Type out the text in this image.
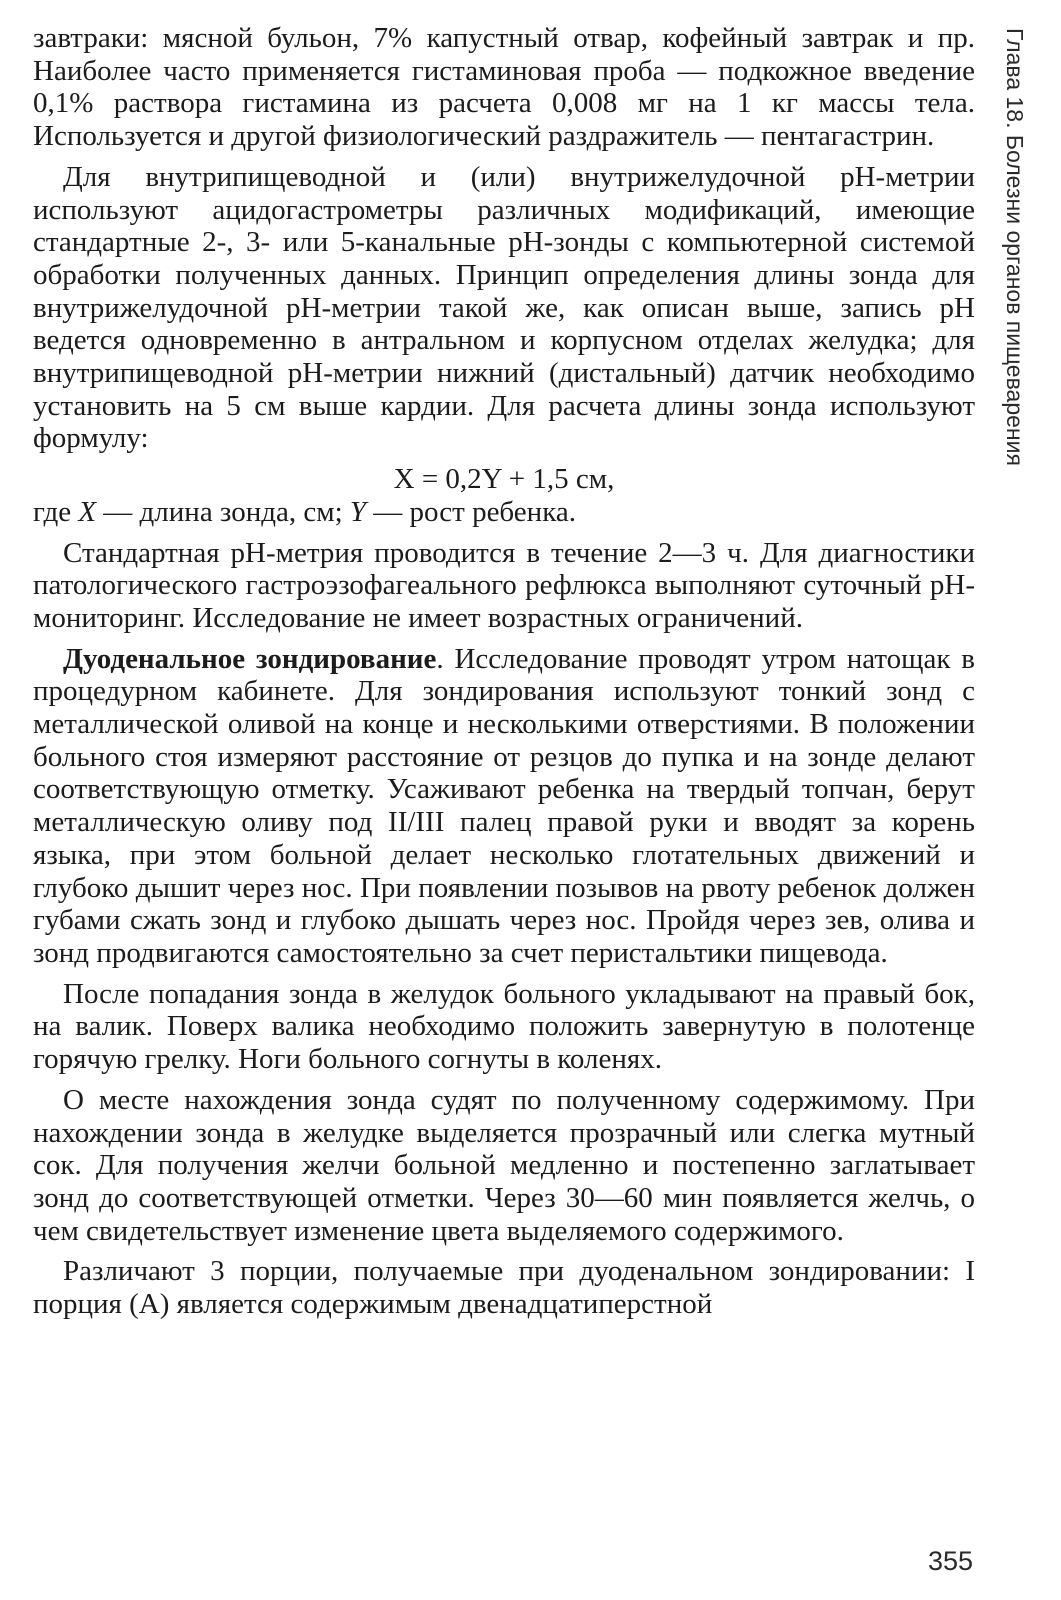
завтраки: мясной бульон, 7% капустный отвар, кофейный завтрак и пр. Наиболее часто применяется гистаминовая проба — подкожное введение 0,1% раствора гистамина из расчета 0,008 мг на 1 кг массы тела. Используется и другой физиологический раздражитель — пентагастрин.

Для внутрипищеводной и (или) внутрижелудочной рН-метрии используют ацидогастрометры различных модификаций, имеющие стандартные 2-, 3- или 5-канальные рН-зонды с компьютерной системой обработки полученных данных. Принцип определения длины зонда для внутрижелудочной рН-метрии такой же, как описан выше, запись рН ведется одновременно в антральном и корпусном отделах желудка; для внутрипищеводной рН-метрии нижний (дистальный) датчик необходимо установить на 5 см выше кардии. Для расчета длины зонда используют формулу:

X = 0,2Y + 1,5 см,

где X — длина зонда, см; Y — рост ребенка.

Стандартная рН-метрия проводится в течение 2—3 ч. Для диагностики патологического гастроэзофагеального рефлюкса выполняют суточный рН-мониторинг. Исследование не имеет возрастных ограничений.

Дуоденальное зондирование. Исследование проводят утром натощак в процедурном кабинете. Для зондирования используют тонкий зонд с металлической оливой на конце и несколькими отверстиями. В положении больного стоя измеряют расстояние от резцов до пупка и на зонде делают соответствующую отметку. Усаживают ребенка на твердый топчан, берут металлическую оливу под II/III палец правой руки и вводят за корень языка, при этом больной делает несколько глотательных движений и глубоко дышит через нос. При появлении позывов на рвоту ребенок должен губами сжать зонд и глубоко дышать через нос. Пройдя через зев, олива и зонд продвигаются самостоятельно за счет перистальтики пищевода.

После попадания зонда в желудок больного укладывают на правый бок, на валик. Поверх валика необходимо положить завернутую в полотенце горячую грелку. Ноги больного согнуты в коленях.

О месте нахождения зонда судят по полученному содержимому. При нахождении зонда в желудке выделяется прозрачный или слегка мутный сок. Для получения желчи больной медленно и постепенно заглатывает зонд до соответствующей отметки. Через 30—60 мин появляется желчь, о чем свидетельствует изменение цвета выделяемого содержимого.

Различают 3 порции, получаемые при дуоденальном зондировании: I порция (А) является содержимым двенадцатиперстной

Глава 18. Болезни органов пищеварения
355
